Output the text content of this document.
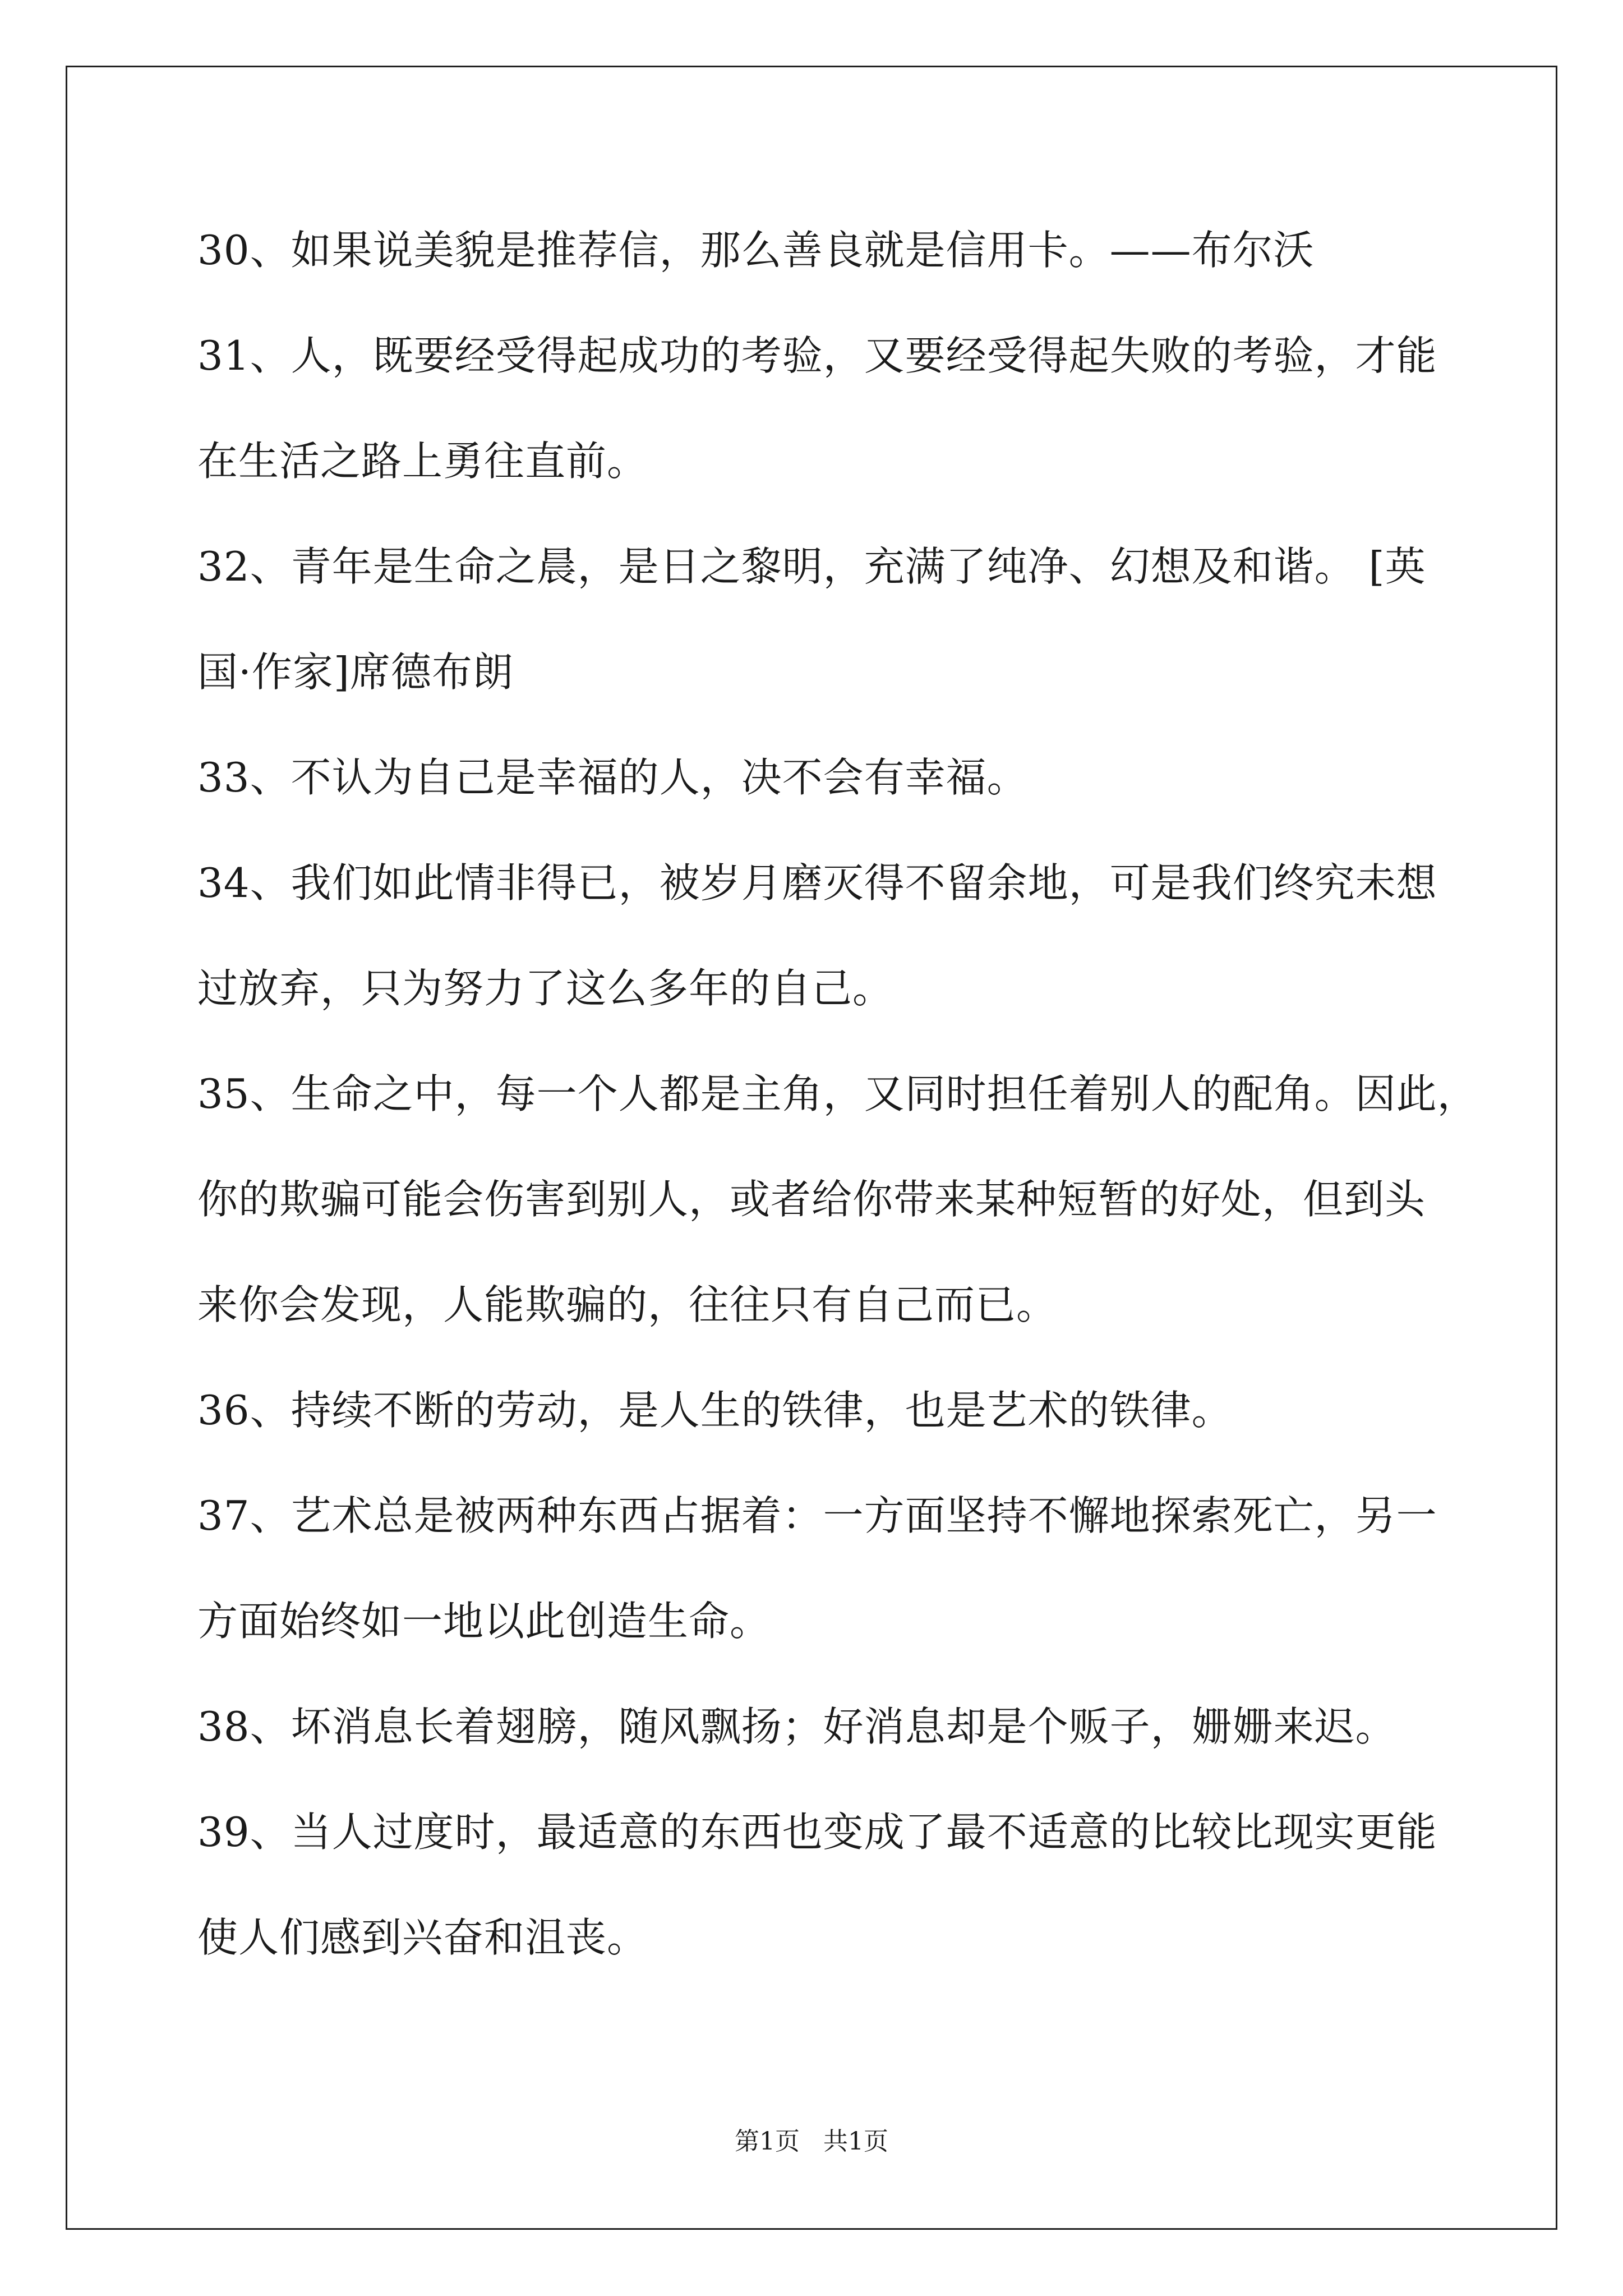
30、如果说美貌是推荐信，那么善良就是信用卡。——布尔沃
31、人，既要经受得起成功的考验，又要经受得起失败的考验，才能
在生活之路上勇往直前。
32、青年是生命之晨，是日之黎明，充满了纯净、幻想及和谐。 [英
国·作家]席德布朗
33、不认为自己是幸福的人，决不会有幸福。
34、我们如此情非得已，被岁月磨灭得不留余地，可是我们终究未想
过放弃，只为努力了这么多年的自己。
35、生命之中，每一个人都是主角，又同时担任着别人的配角。因此，
你的欺骗可能会伤害到别人，或者给你带来某种短暂的好处，但到头
来你会发现，人能欺骗的，往往只有自己而已。
36、持续不断的劳动，是人生的铁律，也是艺术的铁律。
37、艺术总是被两种东西占据着：一方面坚持不懈地探索死亡，另一
方面始终如一地以此创造生命。
38、坏消息长着翅膀，随风飘扬；好消息却是个贩子，姗姗来迟。
39、当人过度时，最适意的东西也变成了最不适意的比较比现实更能
使人们感到兴奋和沮丧。
第1页   共1页
